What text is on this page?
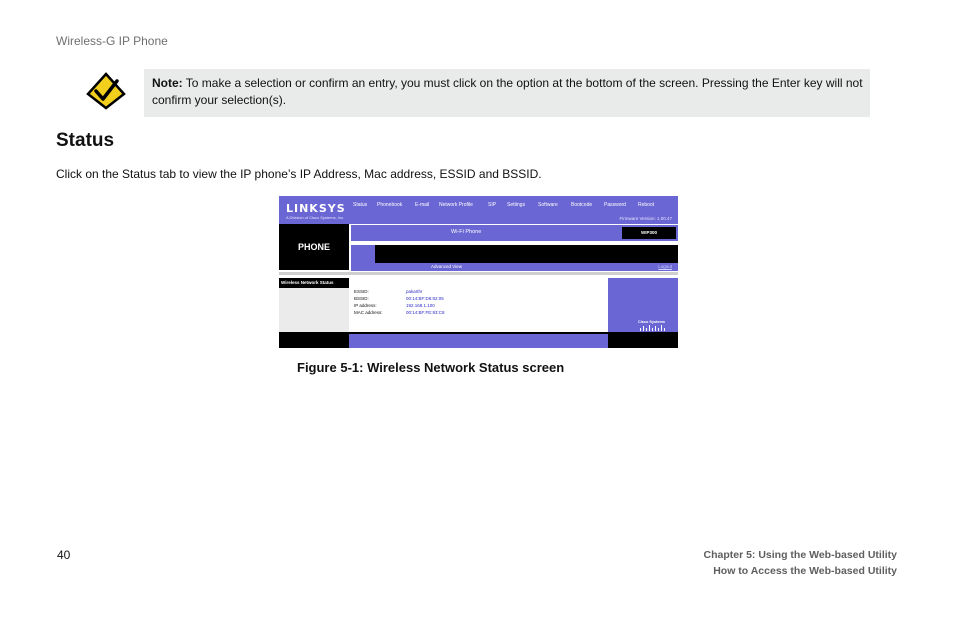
Wireless-G IP Phone
Note: To make a selection or confirm an entry, you must click on the option at the bottom of the screen. Pressing the Enter key will not confirm your selection(s).
Status
Click on the Status tab to view the IP phone’s IP Address, Mac address, ESSID and BSSID.
LINKSYS
A Division of Cisco Systems, Inc.	Firmware Version: 1.00.47
PHONE
Wi-Fi Phone	WIP300
Status Phonebook	E-mail Network Profile	SIP Settings	Software	Bootcode Password Reboot
Advanced View	Logout
Wireless Network Status
ESSID:	pakarthr
BSSID:	00:14:BF:D6:82:05
IP address:	192.168.1.100
MAC address:	00:14:BF:FE:93:C8
Cisco Systems
Figure 5-1: Wireless Network Status screen
40	Chapter 5: Using the Web-based Utility
How to Access the Web-based Utility
